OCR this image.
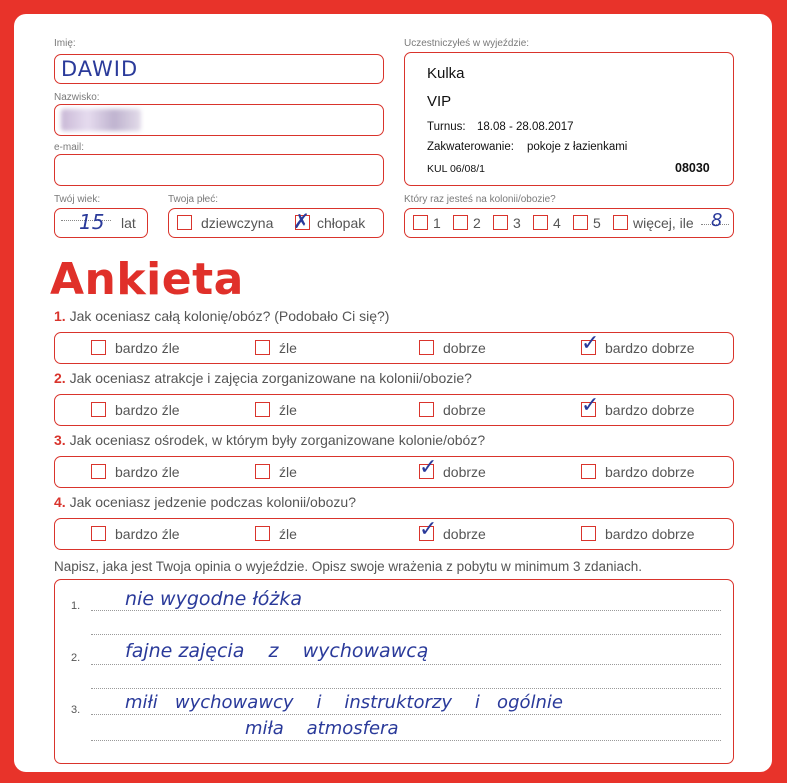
Imię:
DAWID
Nazwisko:
e-mail:
Twój wiek:
15 lat
Twoja płeć:
dziewczyna ✗ chłopak
Uczestniczyłeś w wyjeździe:
Kulka
VIP
Turnus: 18.08 - 28.08.2017
Zakwaterowanie: pokoje z łazienkami
KUL 06/08/1	08030
Który raz jesteś na kolonii/obozie?
1 2 3 4 5 więcej, ile 8
Ankieta
1. Jak oceniasz całą kolonię/obóz? (Podobało Ci się?)
bardzo źle	źle	dobrze	bardzo dobrze
✓
2. Jak oceniasz atrakcje i zajęcia zorganizowane na kolonii/obozie?
bardzo źle	źle	dobrze	bardzo dobrze
✓
3. Jak oceniasz ośrodek, w którym były zorganizowane kolonie/obóz?
bardzo źle	źle	dobrze
✓	bardzo dobrze
4. Jak oceniasz jedzenie podczas kolonii/obozu?
bardzo źle	źle	dobrze
✓	bardzo dobrze
Napisz, jaka jest Twoja opinia o wyjeździe. Opisz swoje wrażenia z pobytu w minimum 3 zdaniach.
1. nie wygodne łóżka
2. fajne zajęcia    z    wychowawcą
3. miłi   wychowawcy    i    instruktorzy    i   ogólnie
miła    atmosfera
